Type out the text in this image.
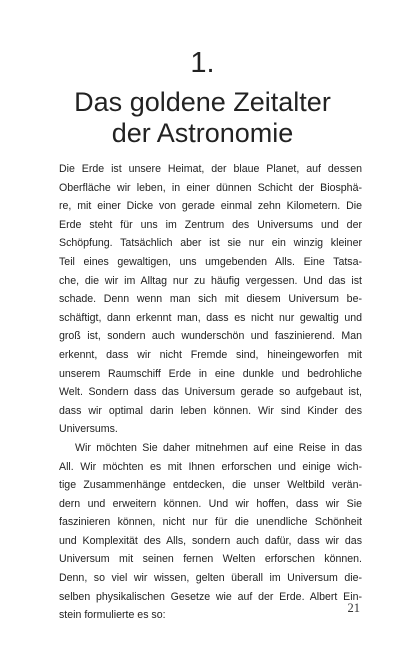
1.
Das goldene Zeitalter
der Astronomie
Die Erde ist unsere Heimat, der blaue Planet, auf dessen
Oberfläche wir leben, in einer dünnen Schicht der Biosphä-
re, mit einer Dicke von gerade einmal zehn Kilometern. Die
Erde steht für uns im Zentrum des Universums und der
Schöpfung. Tatsächlich aber ist sie nur ein winzig kleiner
Teil eines gewaltigen, uns umgebenden Alls. Eine Tatsa-
che, die wir im Alltag nur zu häufig vergessen. Und das ist
schade. Denn wenn man sich mit diesem Universum be-
schäftigt, dann erkennt man, dass es nicht nur gewaltig und
groß ist, sondern auch wunderschön und faszinierend. Man
erkennt, dass wir nicht Fremde sind, hineingeworfen mit
unserem Raumschiff Erde in eine dunkle und bedrohliche
Welt. Sondern dass das Universum gerade so aufgebaut ist,
dass wir optimal darin leben können. Wir sind Kinder des
Universums.
Wir möchten Sie daher mitnehmen auf eine Reise in das
All. Wir möchten es mit Ihnen erforschen und einige wich-
tige Zusammenhänge entdecken, die unser Weltbild verän-
dern und erweitern können. Und wir hoffen, dass wir Sie
faszinieren können, nicht nur für die unendliche Schönheit
und Komplexität des Alls, sondern auch dafür, dass wir das
Universum mit seinen fernen Welten erforschen können.
Denn, so viel wir wissen, gelten überall im Universum die-
selben physikalischen Gesetze wie auf der Erde. Albert Ein-
stein formulierte es so:
21
